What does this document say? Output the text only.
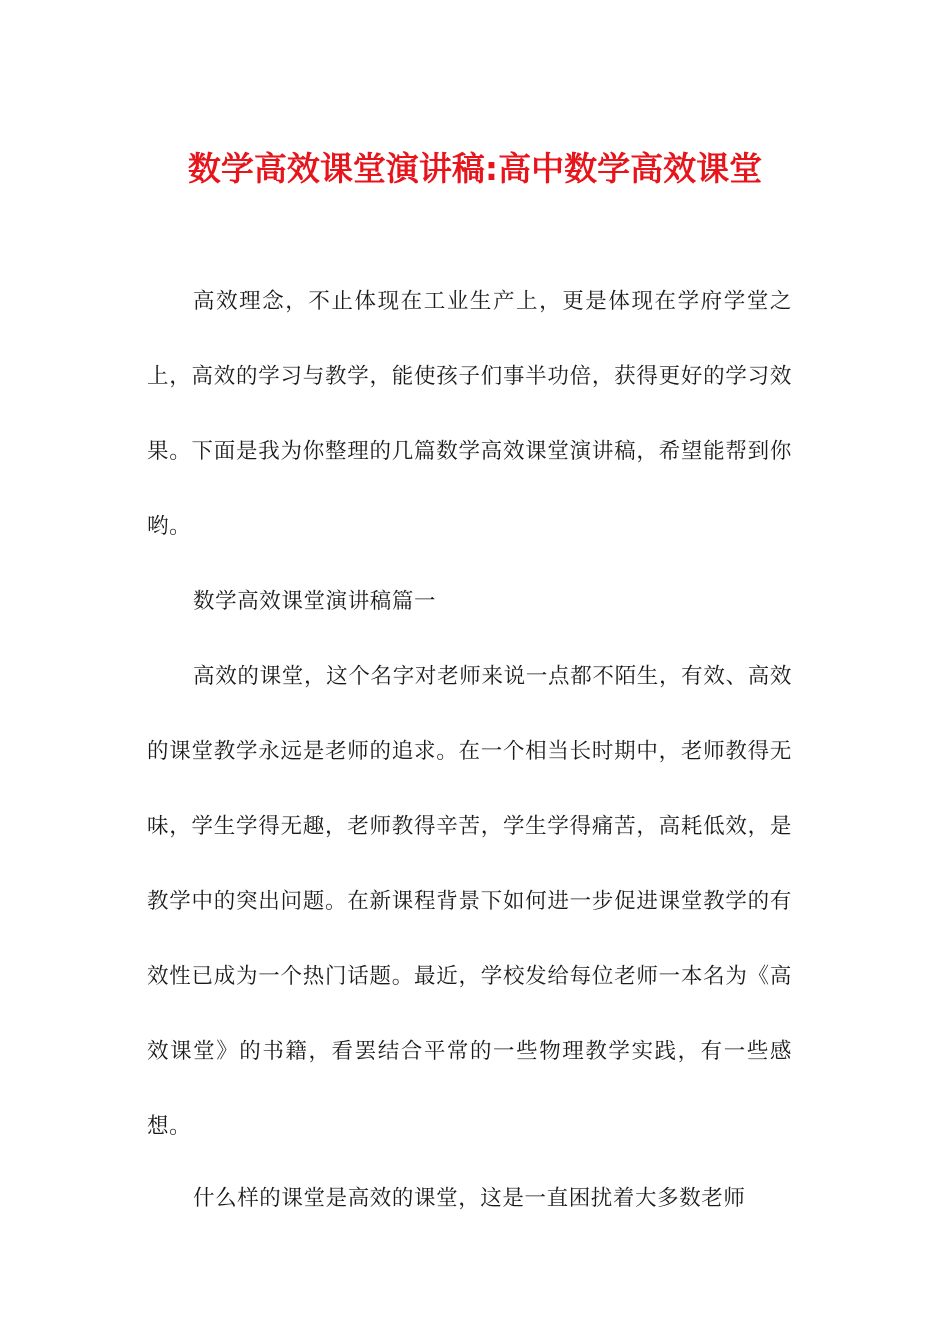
数学高效课堂演讲稿:高中数学高效课堂

高效理念，不止体现在工业生产上，更是体现在学府学堂之上，高效的学习与教学，能使孩子们事半功倍，获得更好的学习效果。下面是我为你整理的几篇数学高效课堂演讲稿，希望能帮到你哟。

数学高效课堂演讲稿篇一

高效的课堂，这个名字对老师来说一点都不陌生，有效、高效的课堂教学永远是老师的追求。在一个相当长时期中，老师教得无味，学生学得无趣，老师教得辛苦，学生学得痛苦，高耗低效，是教学中的突出问题。在新课程背景下如何进一步促进课堂教学的有效性已成为一个热门话题。最近，学校发给每位老师一本名为《高效课堂》的书籍，看罢结合平常的一些物理教学实践，有一些感想。

什么样的课堂是高效的课堂，这是一直困扰着大多数老师
